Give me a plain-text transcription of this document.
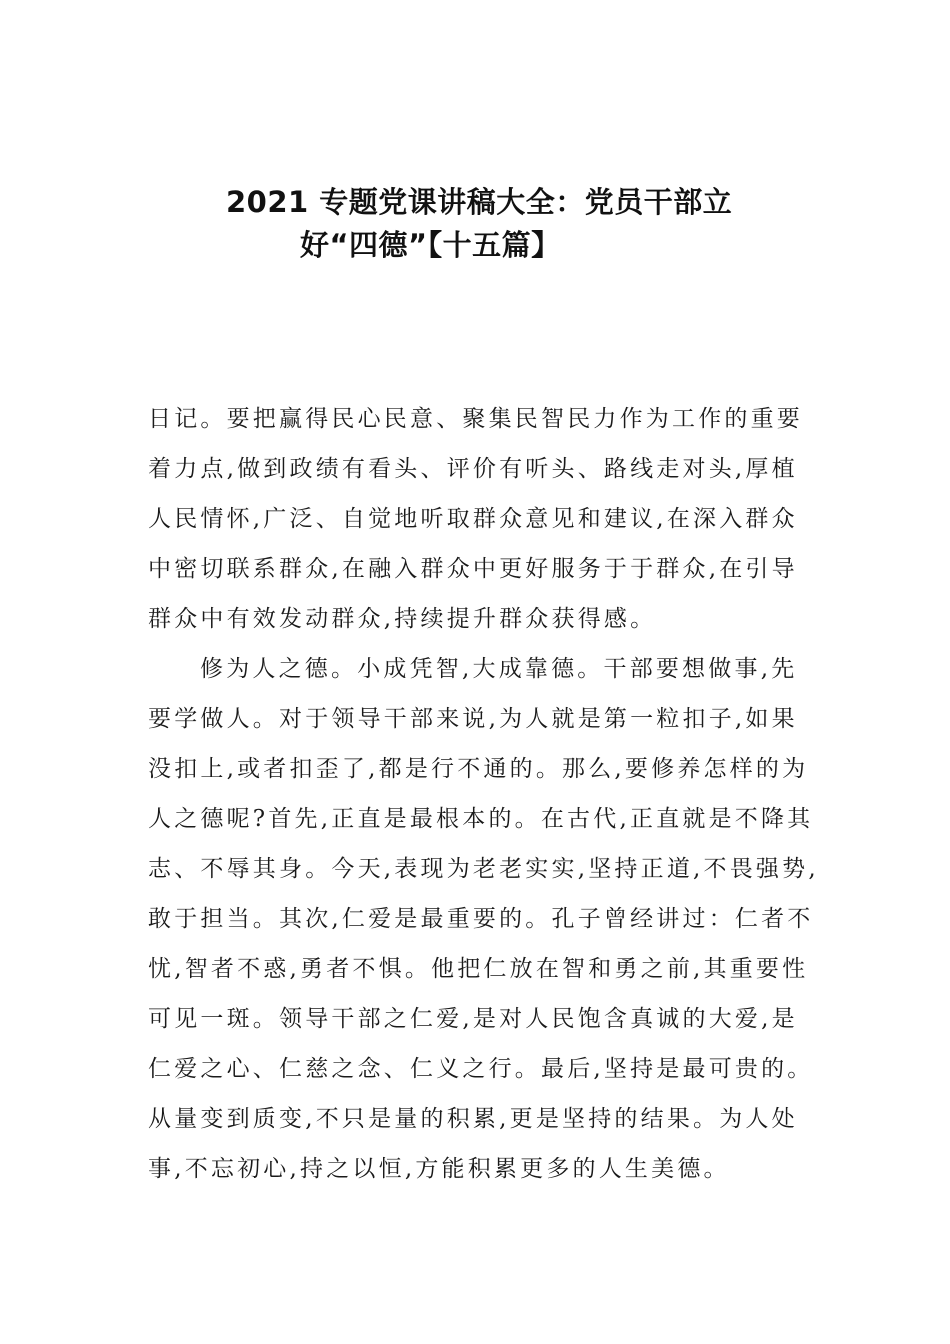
2021 专题党课讲稿大全：党员干部立
好“四德”【十五篇】
日记。要把赢得民心民意、聚集民智民力作为工作的重要
着力点,做到政绩有看头、评价有听头、路线走对头,厚植
人民情怀,广泛、自觉地听取群众意见和建议,在深入群众
中密切联系群众,在融入群众中更好服务于于群众,在引导
群众中有效发动群众,持续提升群众获得感。
修为人之德。小成凭智,大成靠德。干部要想做事,先
要学做人。对于领导干部来说,为人就是第一粒扣子,如果
没扣上,或者扣歪了,都是行不通的。那么,要修养怎样的为
人之德呢?首先,正直是最根本的。在古代,正直就是不降其
志、不辱其身。今天,表现为老老实实,坚持正道,不畏强势,
敢于担当。其次,仁爱是最重要的。孔子曾经讲过：仁者不
忧,智者不惑,勇者不惧。他把仁放在智和勇之前,其重要性
可见一斑。领导干部之仁爱,是对人民饱含真诚的大爱,是
仁爱之心、仁慈之念、仁义之行。最后,坚持是最可贵的。
从量变到质变,不只是量的积累,更是坚持的结果。为人处
事,不忘初心,持之以恒,方能积累更多的人生美德。
